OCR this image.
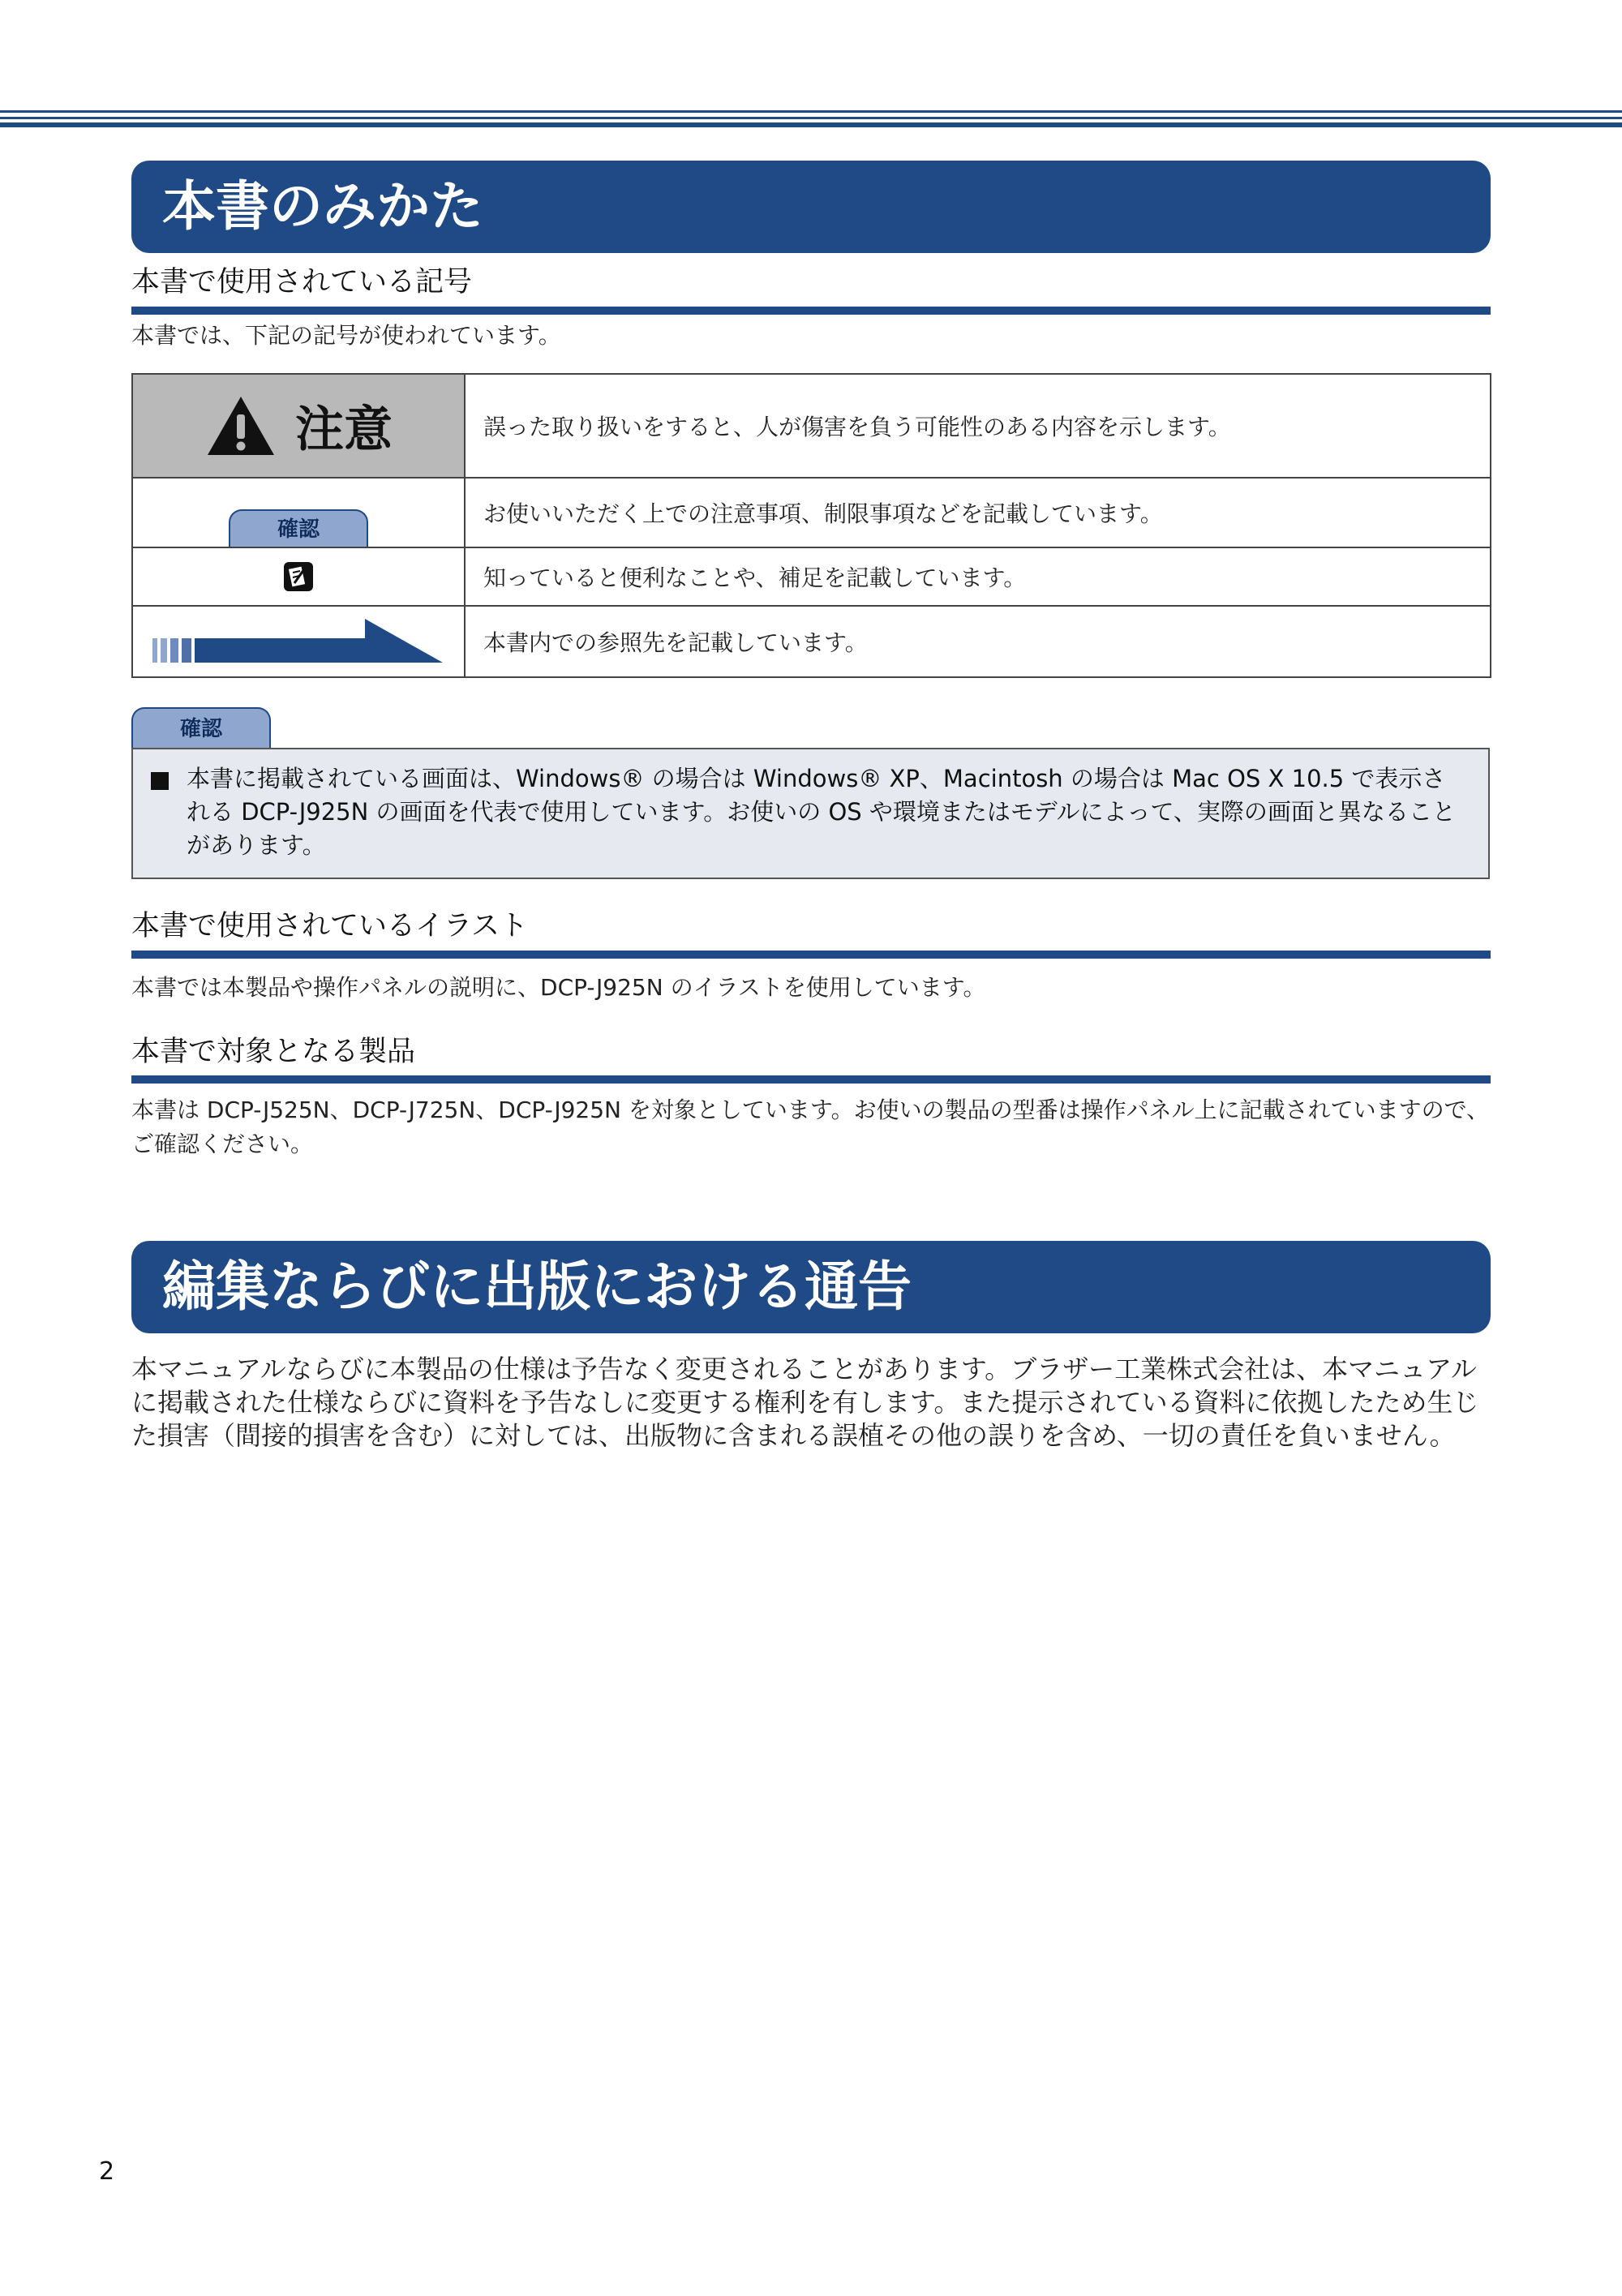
本書のみかた
本書で使用されている記号
本書では、下記の記号が使われています。
注意	誤った取り扱いをすると、人が傷害を負う可能性のある内容を示します。
確認	お使いいただく上での注意事項、制限事項などを記載しています。

	知っていると便利なことや、補足を記載しています。
	本書内での参照先を記載しています。
確認
本書に掲載されている画面は、Windows® の場合は Windows® XP、Macintosh の場合は Mac OS X 10.5 で表示される DCP-J925N の画面を代表で使用しています。お使いの OS や環境またはモデルによって、実際の画面と異なることがあります。
本書で使用されているイラスト
本書では本製品や操作パネルの説明に、DCP-J925N のイラストを使用しています。
本書で対象となる製品
本書は DCP-J525N、DCP-J725N、DCP-J925N を対象としています。お使いの製品の型番は操作パネル上に記載されていますので、ご確認ください。
編集ならびに出版における通告
本マニュアルならびに本製品の仕様は予告なく変更されることがあります。ブラザー工業株式会社は、本マニュアルに掲載された仕様ならびに資料を予告なしに変更する権利を有します。また提示されている資料に依拠したため生じた損害（間接的損害を含む）に対しては、出版物に含まれる誤植その他の誤りを含め、一切の責任を負いません。
2
